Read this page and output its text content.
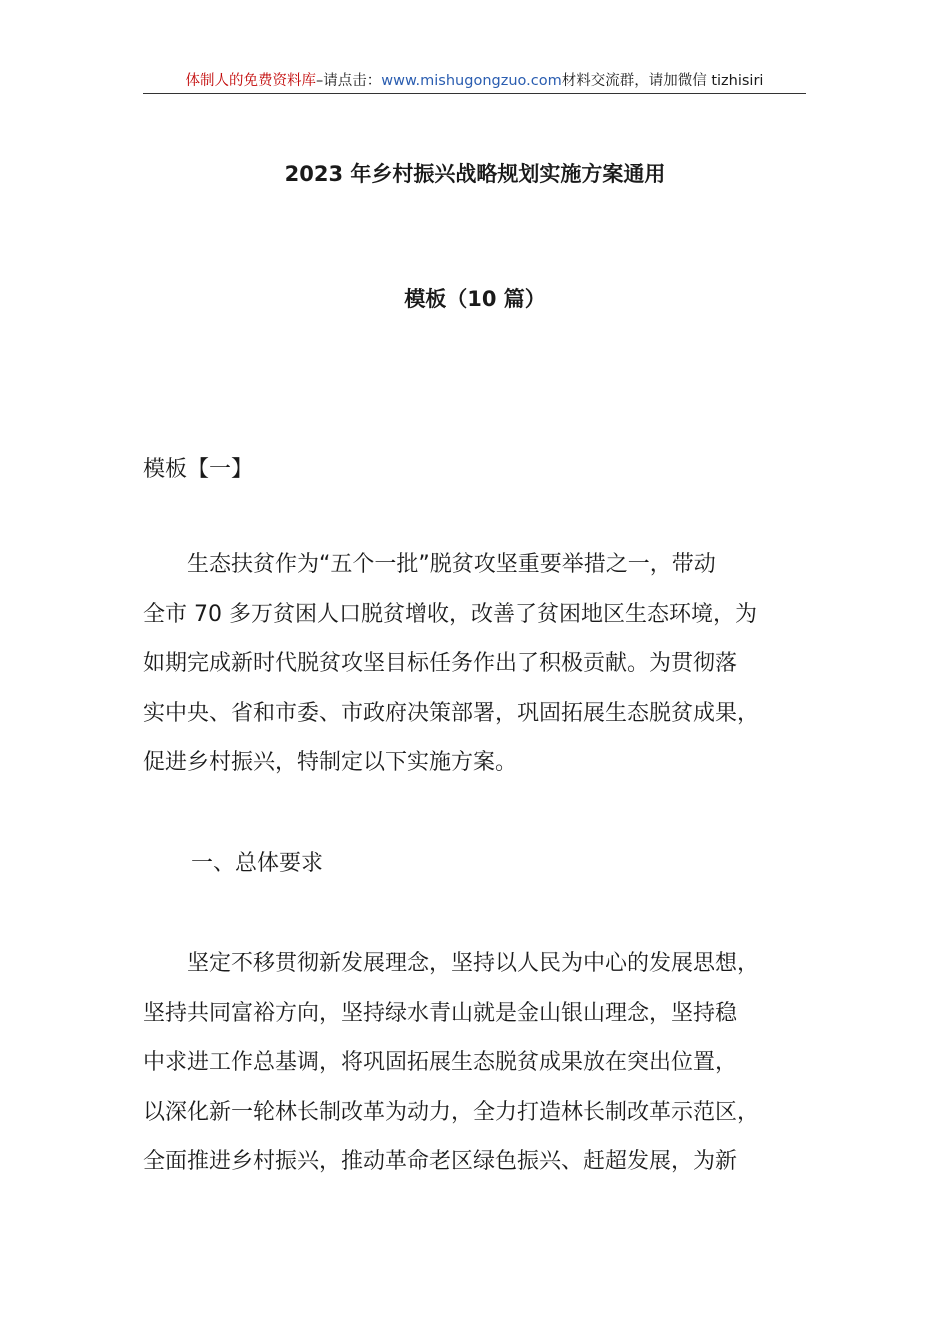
体制人的免费资料库–请点击：www.mishugongzuo.com材料交流群，请加微信 tizhisiri
2023 年乡村振兴战略规划实施方案通用
模板（10 篇）
模板【一】
　　生态扶贫作为“五个一批”脱贫攻坚重要举措之一，带动
全市 70 多万贫困人口脱贫增收，改善了贫困地区生态环境，为
如期完成新时代脱贫攻坚目标任务作出了积极贡献。为贯彻落
实中央、省和市委、市政府决策部署，巩固拓展生态脱贫成果，
促进乡村振兴，特制定以下实施方案。
一、总体要求
　　坚定不移贯彻新发展理念，坚持以人民为中心的发展思想，
坚持共同富裕方向，坚持绿水青山就是金山银山理念，坚持稳
中求进工作总基调，将巩固拓展生态脱贫成果放在突出位置，
以深化新一轮林长制改革为动力，全力打造林长制改革示范区，
全面推进乡村振兴，推动革命老区绿色振兴、赶超发展，为新
